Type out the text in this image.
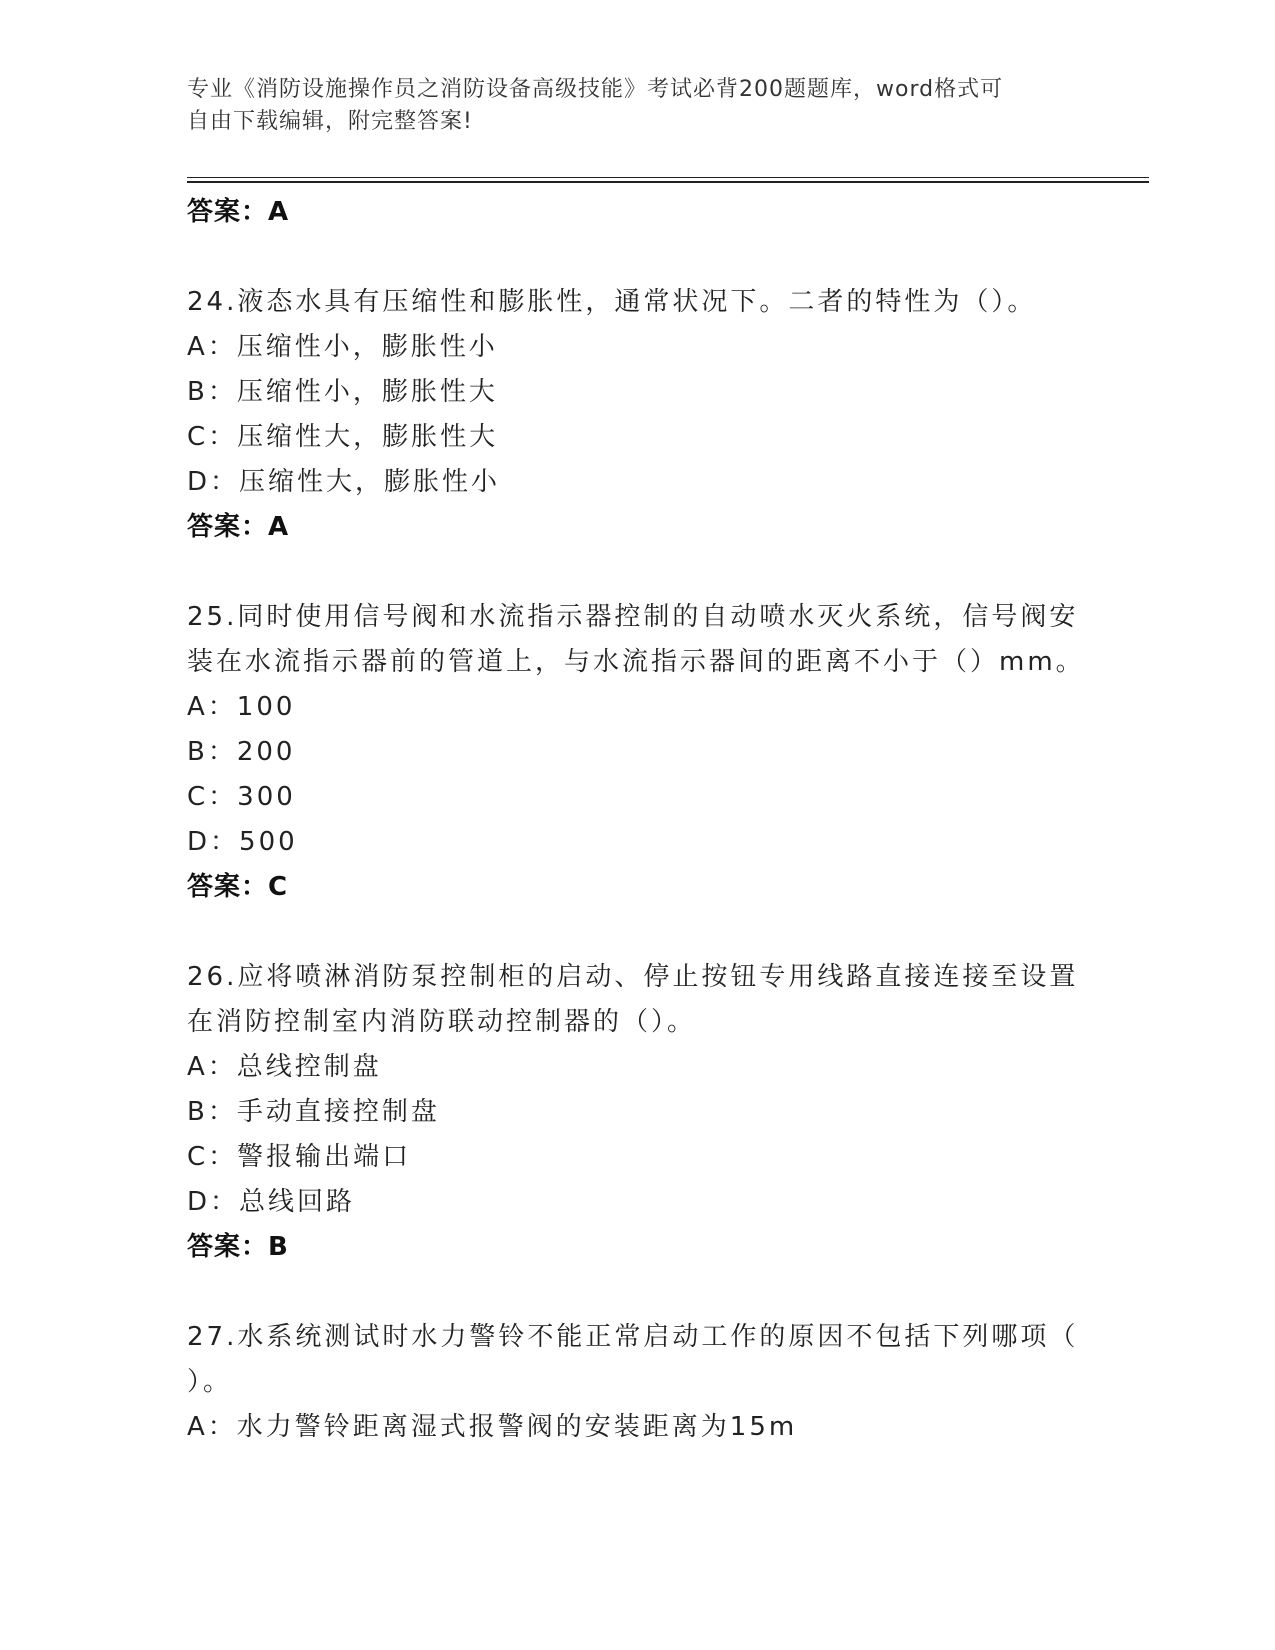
专业《消防设施操作员之消防设备高级技能》考试必背200题题库，word格式可
自由下载编辑，附完整答案!
答案：A
24.液态水具有压缩性和膨胀性，通常状况下。二者的特性为（）。
A：压缩性小，膨胀性小
B：压缩性小，膨胀性大
C：压缩性大，膨胀性大
D：压缩性大，膨胀性小
答案：A
25.同时使用信号阀和水流指示器控制的自动喷水灭火系统，信号阀安
装在水流指示器前的管道上，与水流指示器间的距离不小于（）mm。
A：100
B：200
C：300
D：500
答案：C
26.应将喷淋消防泵控制柜的启动、停止按钮专用线路直接连接至设置
在消防控制室内消防联动控制器的（）。
A：总线控制盘
B：手动直接控制盘
C：警报输出端口
D：总线回路
答案：B
27.水系统测试时水力警铃不能正常启动工作的原因不包括下列哪项（
）。
A：水力警铃距离湿式报警阀的安装距离为15m
